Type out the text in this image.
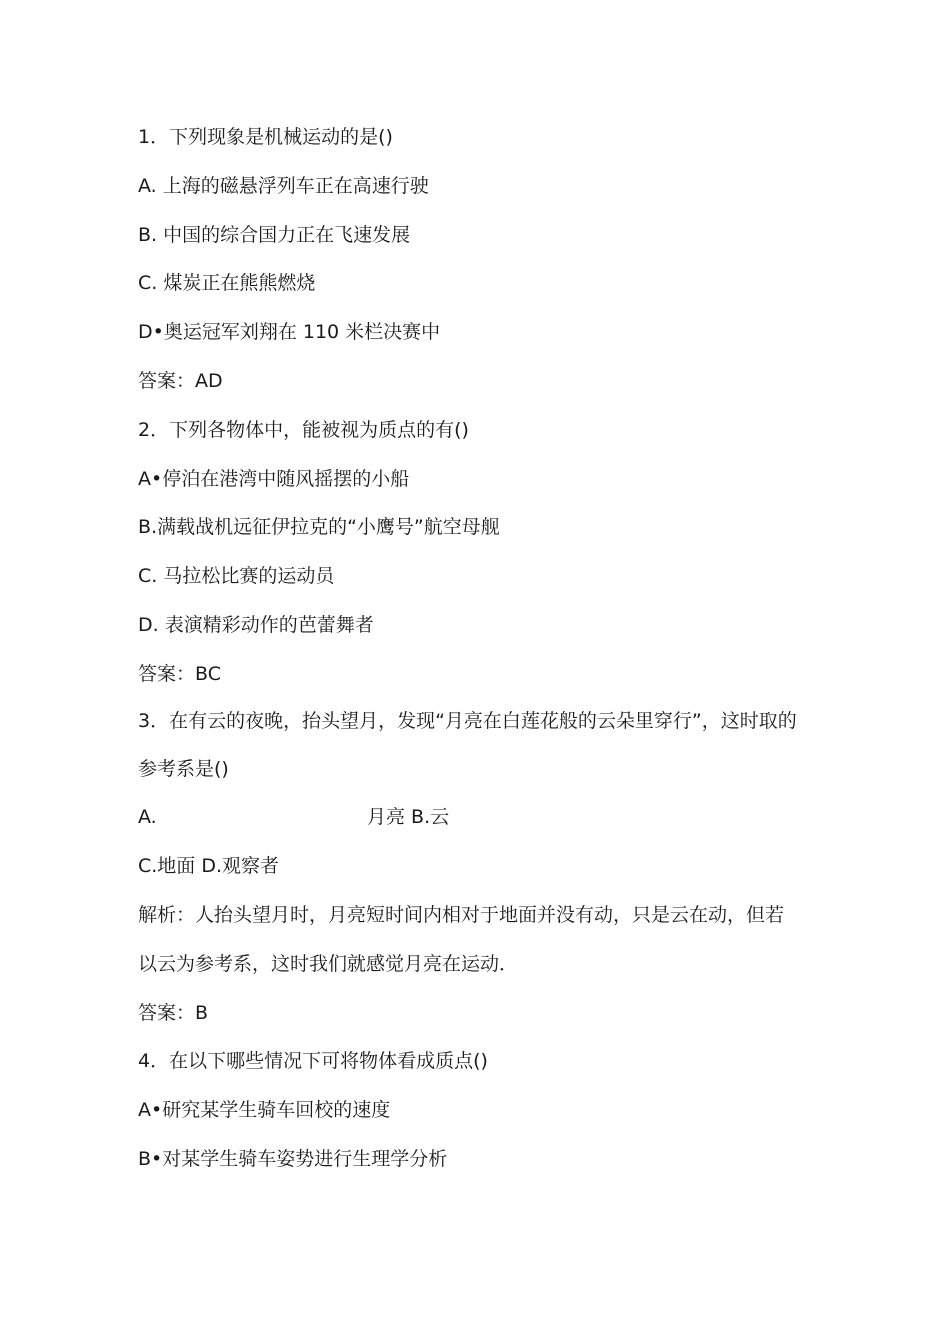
1．下列现象是机械运动的是()
A. 上海的磁悬浮列车正在高速行驶
B. 中国的综合国力正在飞速发展
C. 煤炭正在熊熊燃烧
D•奥运冠军刘翔在 110 米栏决赛中
答案：AD
2．下列各物体中，能被视为质点的有()
A•停泊在港湾中随风摇摆的小船
B.满载战机远征伊拉克的“小鹰号”航空母舰
C. 马拉松比赛的运动员
D. 表演精彩动作的芭蕾舞者
答案：BC
3．在有云的夜晚，抬头望月，发现“月亮在白莲花般的云朵里穿行”，这时取的
参考系是()
A.	月亮 B.云
C.地面 D.观察者
解析：人抬头望月时，月亮短时间内相对于地面并没有动，只是云在动，但若
以云为参考系，这时我们就感觉月亮在运动．
答案：B
4．在以下哪些情况下可将物体看成质点()
A•研究某学生骑车回校的速度
B•对某学生骑车姿势进行生理学分析
